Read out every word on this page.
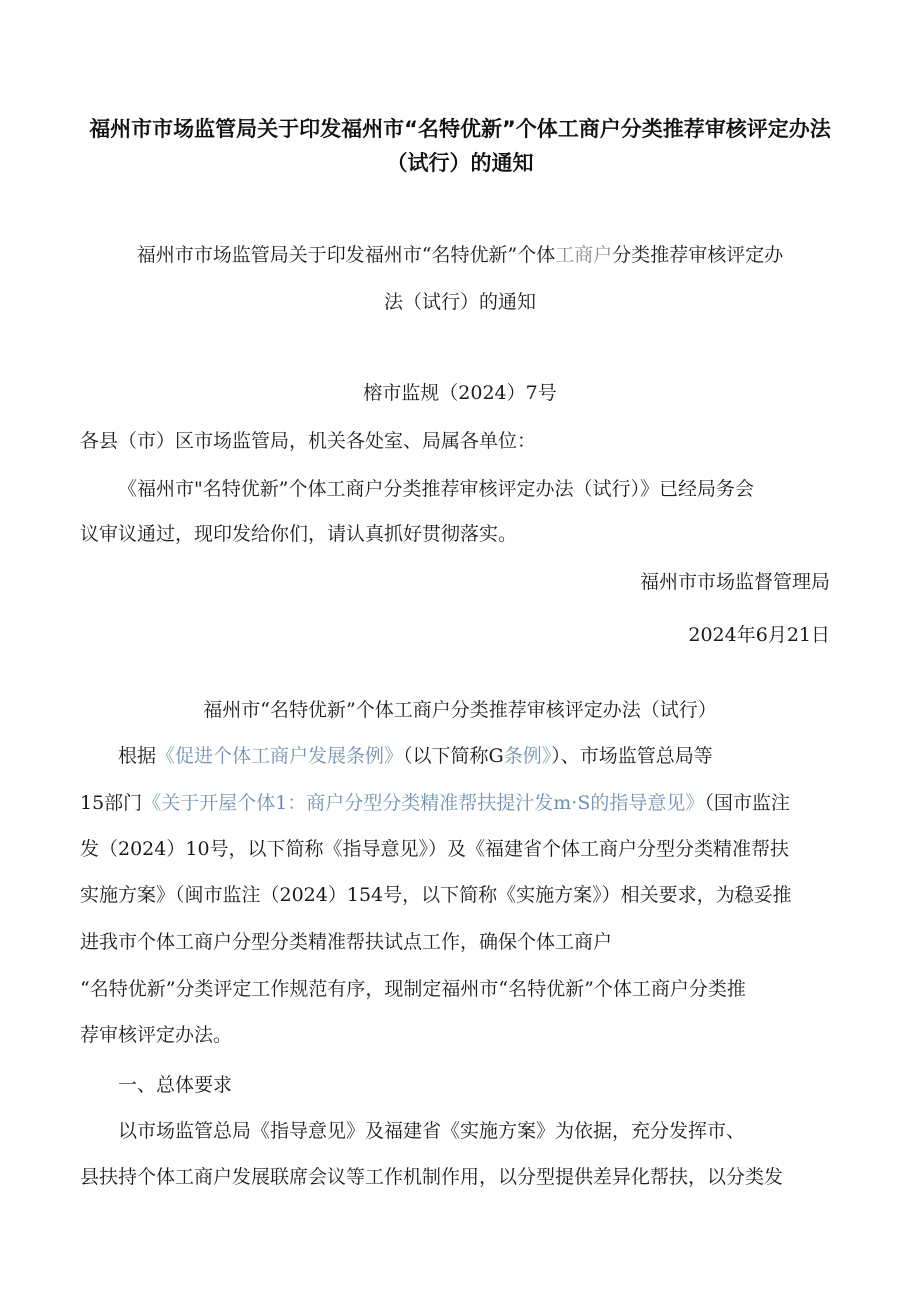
福州市市场监管局关于印发福州市“名特优新”个体工商户分类推荐审核评定办法（试行）的通知
福州市市场监管局关于印发福州市“名特优新”个体工商户分类推荐审核评定办
法（试行）的通知
榕市监规（2024）7号
各县（市）区市场监管局，机关各处室、局属各单位：
《福州市"名特优新”个体工商户分类推荐审核评定办法（试行）》已经局务会
议审议通过，现印发给你们，请认真抓好贯彻落实。
福州市市场监督管理局
2024年6月21日
福州市“名特优新”个体工商户分类推荐审核评定办法（试行）
根据《促进个体工商户发展条例》（以下简称G条例》）、市场监管总局等
15部门《关于开屋个体1：商户分型分类精准帮扶提汁发m·S的指导意见》（国市监注
发（2024）10号，以下简称《指导意见》）及《福建省个体工商户分型分类精准帮扶
实施方案》（闽市监注（2024）154号，以下简称《实施方案》）相关要求，为稳妥推
进我市个体工商户分型分类精准帮扶试点工作，确保个体工商户
“名特优新”分类评定工作规范有序，现制定福州市“名特优新”个体工商户分类推
荐审核评定办法。
一、总体要求
以市场监管总局《指导意见》及福建省《实施方案》为依据，充分发挥市、
县扶持个体工商户发展联席会议等工作机制作用，以分型提供差异化帮扶，以分类发
